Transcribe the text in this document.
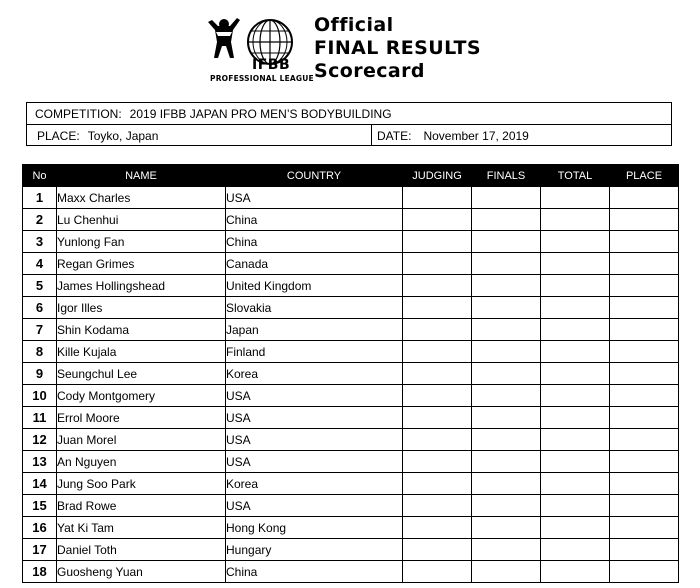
IFBB
PROFESSIONAL LEAGUE
Official
FINAL RESULTS
Scorecard
COMPETITION: 2019 IFBB JAPAN PRO MEN’S BODYBUILDING
PLACE: Toyko, Japan	DATE: November 17, 2019
No	NAME	COUNTRY	JUDGING	FINALS	TOTAL	PLACE
1	Maxx Charles	USA				
2	Lu Chenhui	China				
3	Yunlong Fan	China				
4	Regan Grimes	Canada				
5	James Hollingshead	United Kingdom				
6	Igor Illes	Slovakia				
7	Shin Kodama	Japan				
8	Kille Kujala	Finland				
9	Seungchul Lee	Korea				
10	Cody Montgomery	USA				
11	Errol Moore	USA				
12	Juan Morel	USA				
13	An Nguyen	USA				
14	Jung Soo Park	Korea				
15	Brad Rowe	USA				
16	Yat Ki Tam	Hong Kong				
17	Daniel Toth	Hungary				
18	Guosheng Yuan	China				
